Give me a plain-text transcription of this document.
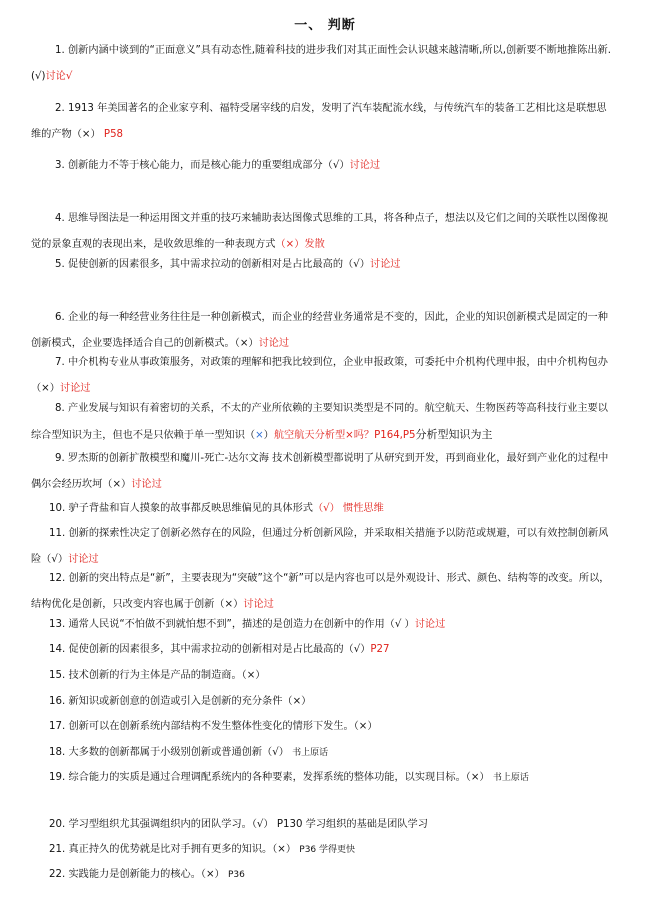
一、 判断
1. 创新内涵中谈到的“正面意义”具有动态性,随着科技的进步我们对其正面性会认识越来越清晰,所以,创新要不断地推陈出新.(√)讨论√
2. 1913 年美国著名的企业家亨利、福特受屠宰线的启发，发明了汽车装配流水线，与传统汽车的装备工艺相比这是联想思维的产物（×） P58
3. 创新能力不等于核心能力，而是核心能力的重要组成部分（√）讨论过
4. 思维导图法是一种运用图文并重的技巧来辅助表达图像式思维的工具，将各种点子，想法以及它们之间的关联性以图像视觉的景象直观的表现出来，是收敛思维的一种表现方式（×）发散
5. 促使创新的因素很多，其中需求拉动的创新相对是占比最高的（√）讨论过
6. 企业的每一种经营业务往往是一种创新模式，而企业的经营业务通常是不变的，因此，企业的知识创新模式是固定的一种创新模式，企业要选择适合自己的创新模式。（×）讨论过
7. 中介机构专业从事政策服务，对政策的理解和把我比较到位，企业申报政策，可委托中介机构代理申报，由中介机构包办（×）讨论过
8. 产业发展与知识有着密切的关系，不太的产业所依赖的主要知识类型是不同的。航空航天、生物医药等高科技行业主要以综合型知识为主，但也不是只依赖于单一型知识（×）航空航天分析型×吗？P164,P5分析型知识为主
9. 罗杰斯的创新扩散模型和魔川-死亡-达尔文海 技术创新模型都说明了从研究到开发，再到商业化，最好到产业化的过程中偶尔会经历坎坷（×）讨论过
10. 驴子背盐和盲人摸象的故事都反映思维偏见的具体形式（√） 惯性思维
11. 创新的探索性决定了创新必然存在的风险，但通过分析创新风险，并采取相关措施予以防范或规避，可以有效控制创新风险（√）讨论过
12. 创新的突出特点是“新”，主要表现为“突破”这个“新”可以是内容也可以是外观设计、形式、颜色、结构等的改变。所以，结构优化是创新，只改变内容也属于创新（×）讨论过
13. 通常人民说“不怕做不到就怕想不到”，描述的是创造力在创新中的作用（√ ）讨论过
14. 促使创新的因素很多，其中需求拉动的创新相对是占比最高的（√）P27
15. 技术创新的行为主体是产品的制造商。（×）
16. 新知识或新创意的创造或引入是创新的充分条件（×）
17. 创新可以在创新系统内部结构不发生整体性变化的情形下发生。（×）
18. 大多数的创新都属于小级别创新或普通创新（√） 书上原话
19. 综合能力的实质是通过合理调配系统内的各种要素，发挥系统的整体功能，以实现目标。（×） 书上原话
20. 学习型组织尤其强调组织内的团队学习。（√） P130 学习组织的基础是团队学习
21. 真正持久的优势就是比对手拥有更多的知识。（×） P36 学得更快
22. 实践能力是创新能力的核心。（×） P36
